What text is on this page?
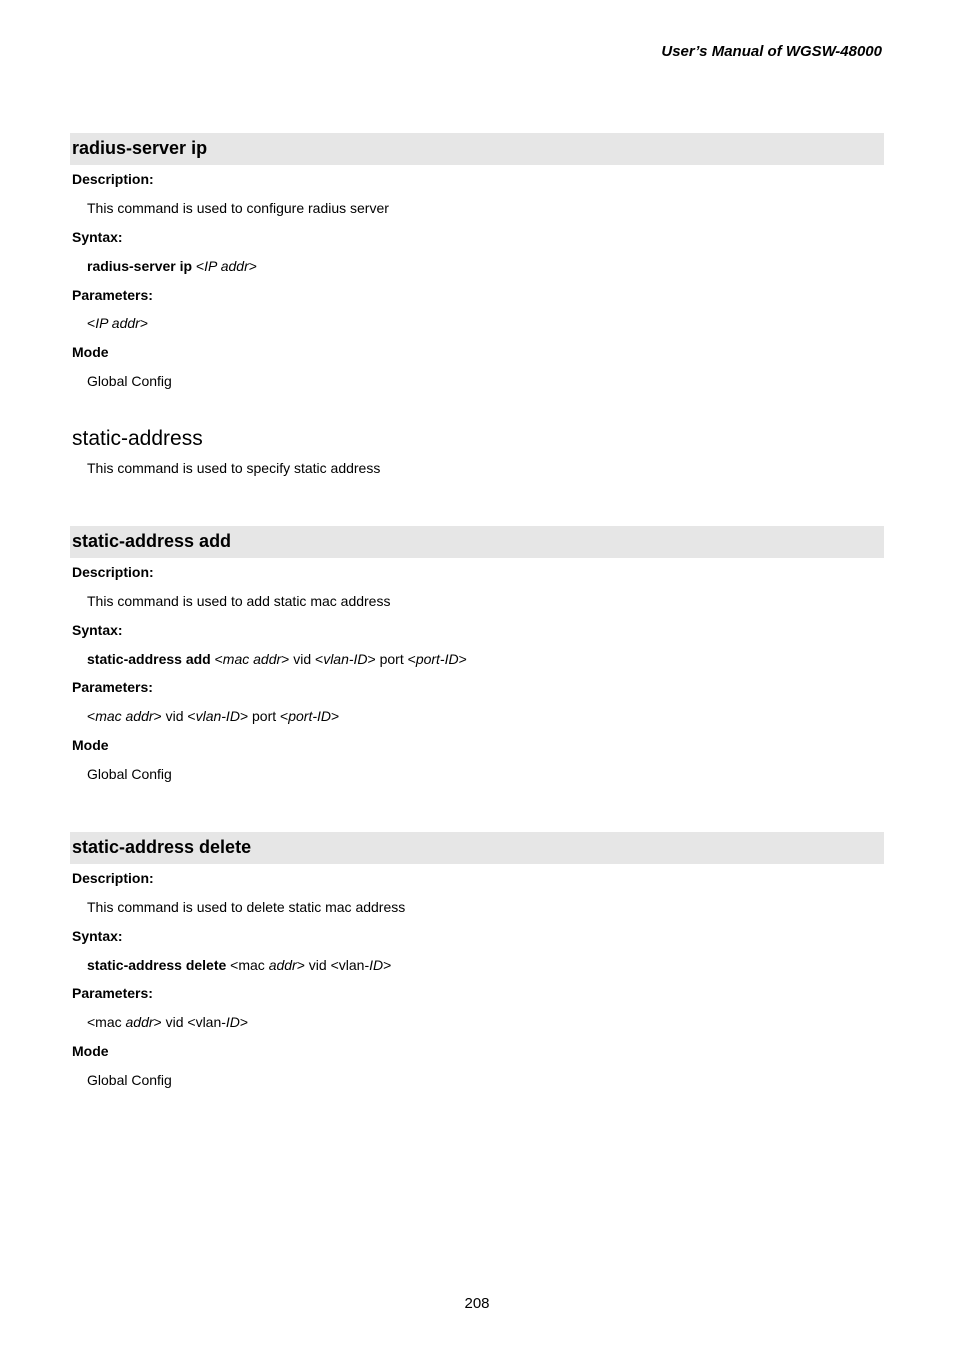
User’s Manual of WGSW-48000
radius-server ip
Description:
This command is used to configure radius server
Syntax:
radius-server ip <IP addr>
Parameters:
<IP addr>
Mode
Global Config
static-address
This command is used to specify static address
static-address add
Description:
This command is used to add static mac address
Syntax:
static-address add <mac addr> vid <vlan-ID> port <port-ID>
Parameters:
<mac addr> vid <vlan-ID> port <port-ID>
Mode
Global Config
static-address delete
Description:
This command is used to delete static mac address
Syntax:
static-address delete <mac addr> vid <vlan-ID>
Parameters:
<mac addr> vid <vlan-ID>
Mode
Global Config
208
